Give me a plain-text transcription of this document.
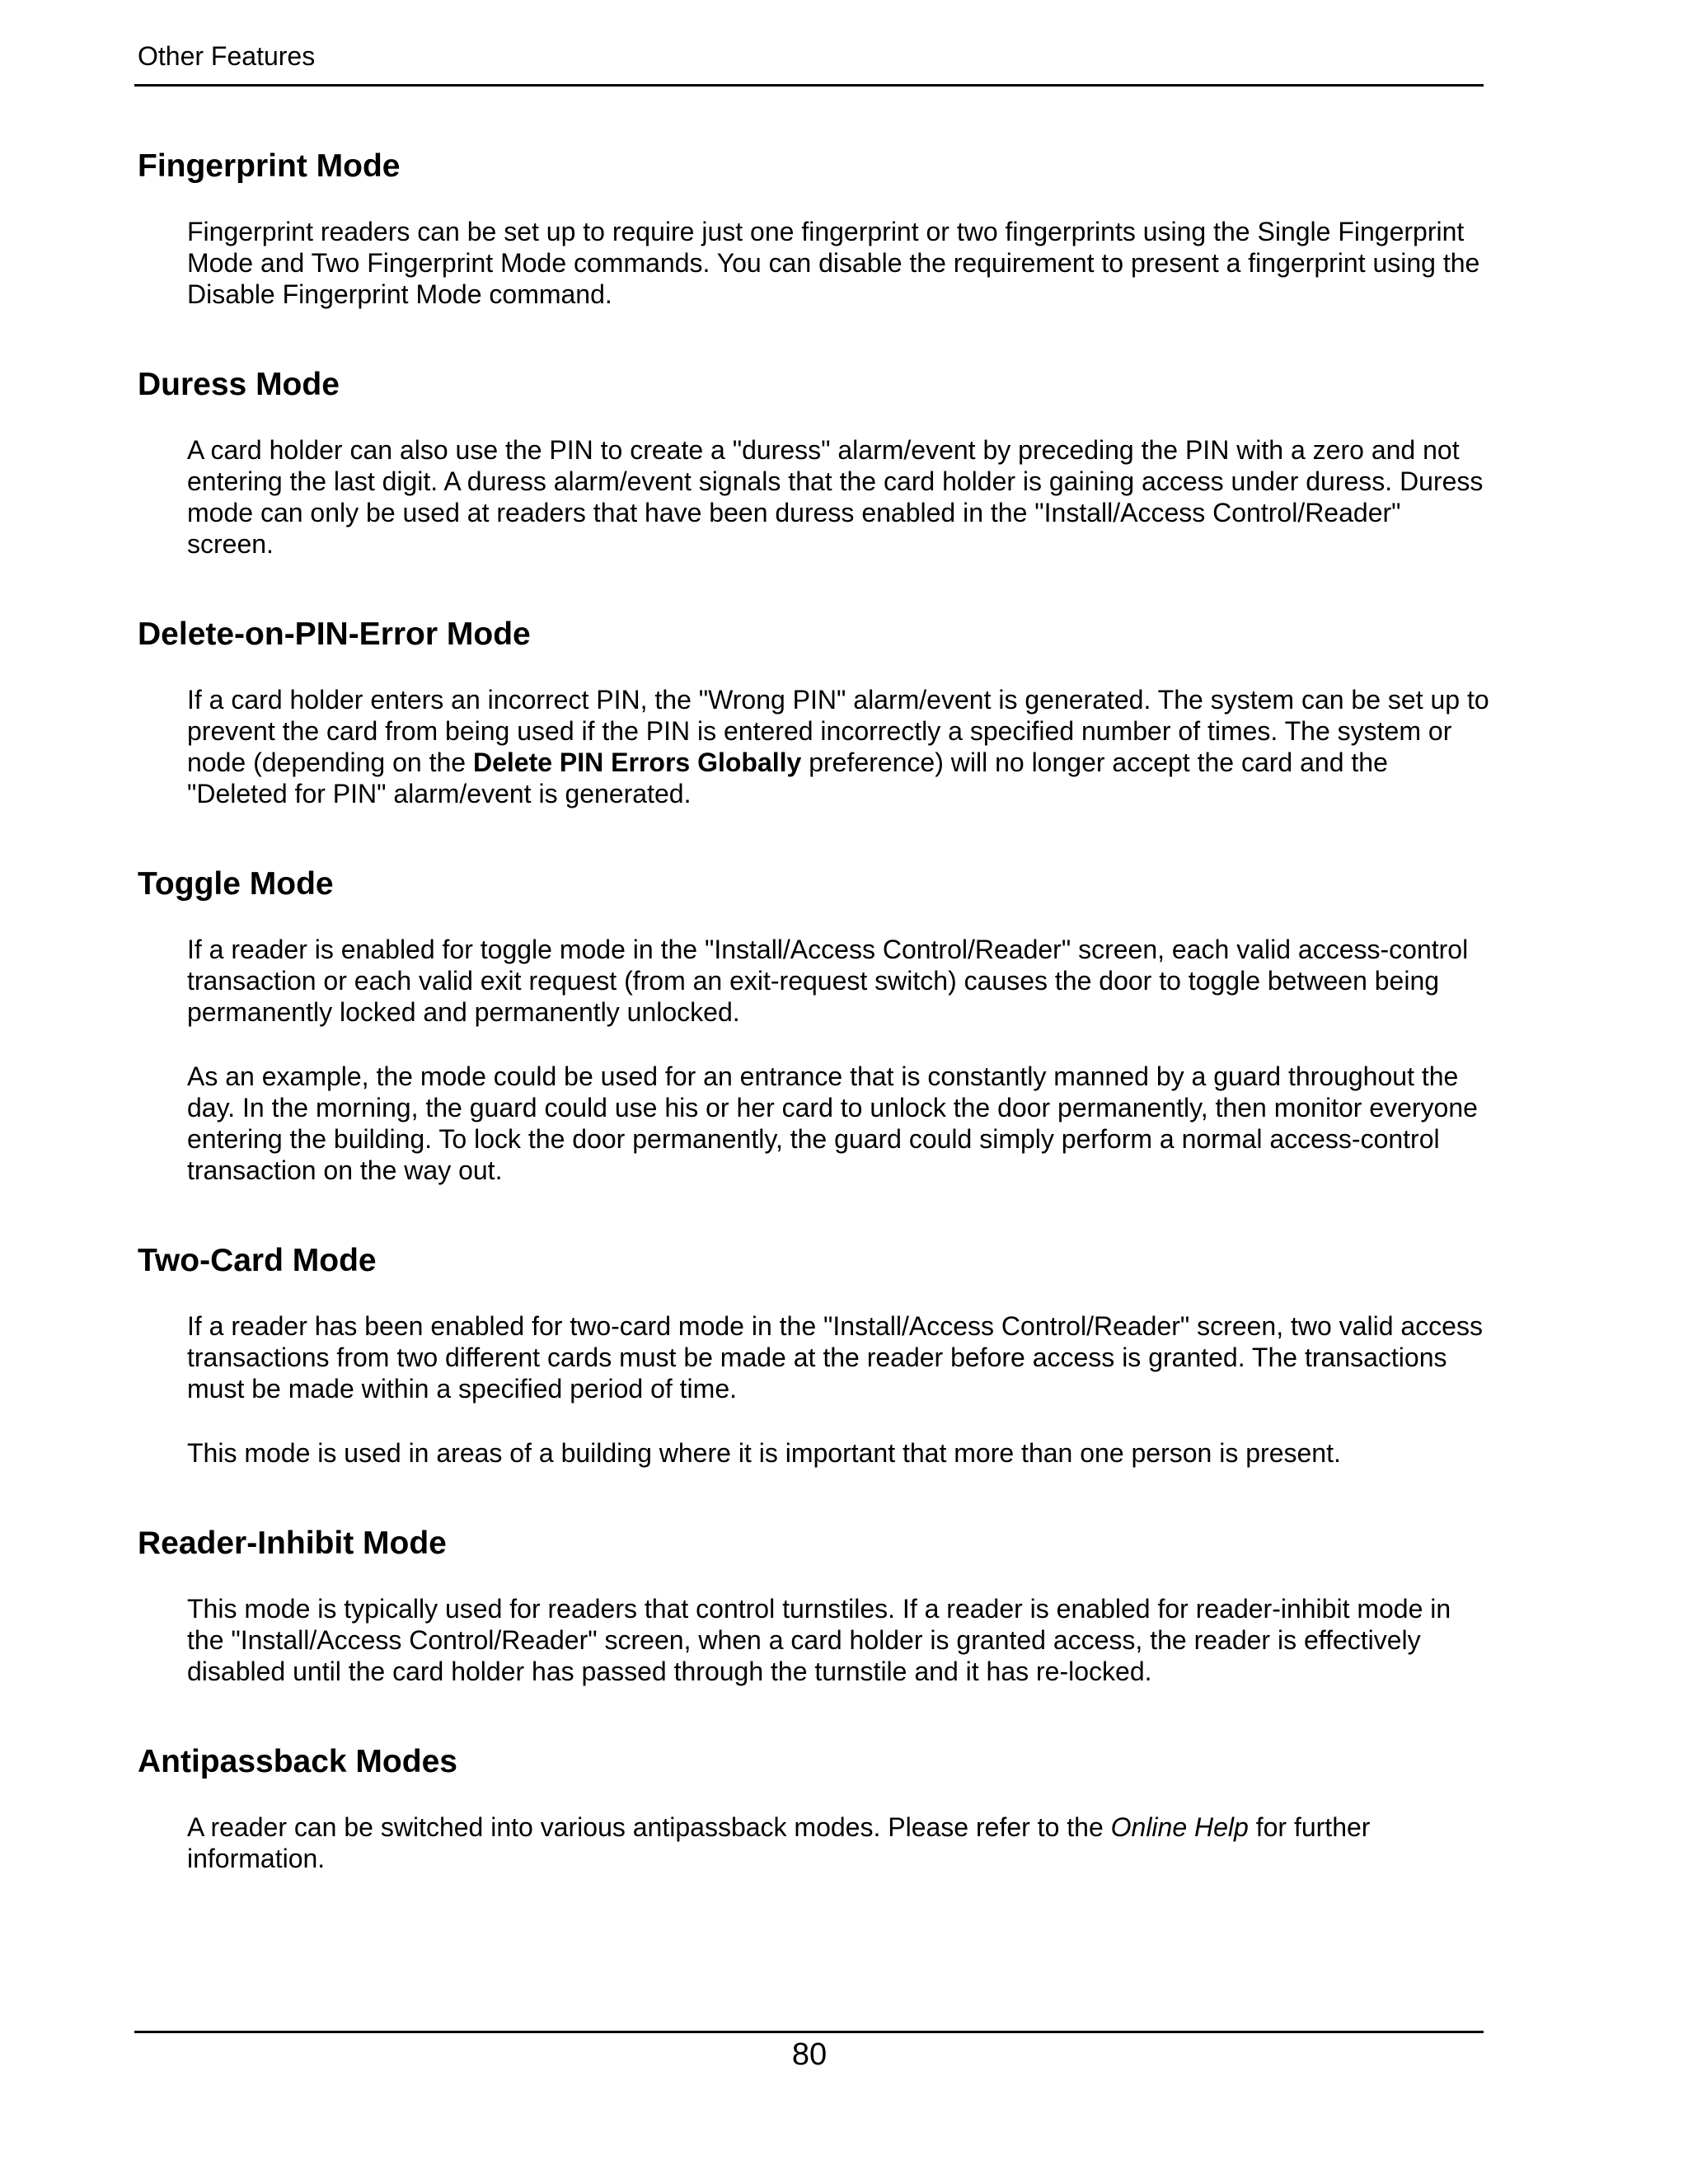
Other Features
Fingerprint Mode

Fingerprint readers can be set up to require just one fingerprint or two fingerprints using the Single Fingerprint Mode and Two Fingerprint Mode commands. You can disable the requirement to present a fingerprint using the Disable Fingerprint Mode command.

Duress Mode

A card holder can also use the PIN to create a "duress" alarm/event by preceding the PIN with a zero and not entering the last digit. A duress alarm/event signals that the card holder is gaining access under duress. Duress mode can only be used at readers that have been duress enabled in the "Install/Access Control/Reader" screen.

Delete-on-PIN-Error Mode

If a card holder enters an incorrect PIN, the "Wrong PIN" alarm/event is generated. The system can be set up to prevent the card from being used if the PIN is entered incorrectly a specified number of times. The system or node (depending on the Delete PIN Errors Globally preference) will no longer accept the card and the "Deleted for PIN" alarm/event is generated.

Toggle Mode

If a reader is enabled for toggle mode in the "Install/Access Control/Reader" screen, each valid access-control transaction or each valid exit request (from an exit-request switch) causes the door to toggle between being permanently locked and permanently unlocked.

As an example, the mode could be used for an entrance that is constantly manned by a guard throughout the day. In the morning, the guard could use his or her card to unlock the door permanently, then monitor everyone entering the building. To lock the door permanently, the guard could simply perform a normal access-control transaction on the way out.

Two-Card Mode

If a reader has been enabled for two-card mode in the "Install/Access Control/Reader" screen, two valid access transactions from two different cards must be made at the reader before access is granted. The transactions must be made within a specified period of time.

This mode is used in areas of a building where it is important that more than one person is present.

Reader-Inhibit Mode

This mode is typically used for readers that control turnstiles. If a reader is enabled for reader-inhibit mode in the "Install/Access Control/Reader" screen, when a card holder is granted access, the reader is effectively disabled until the card holder has passed through the turnstile and it has re-locked.

Antipassback Modes

A reader can be switched into various antipassback modes. Please refer to the Online Help for further information.

80
